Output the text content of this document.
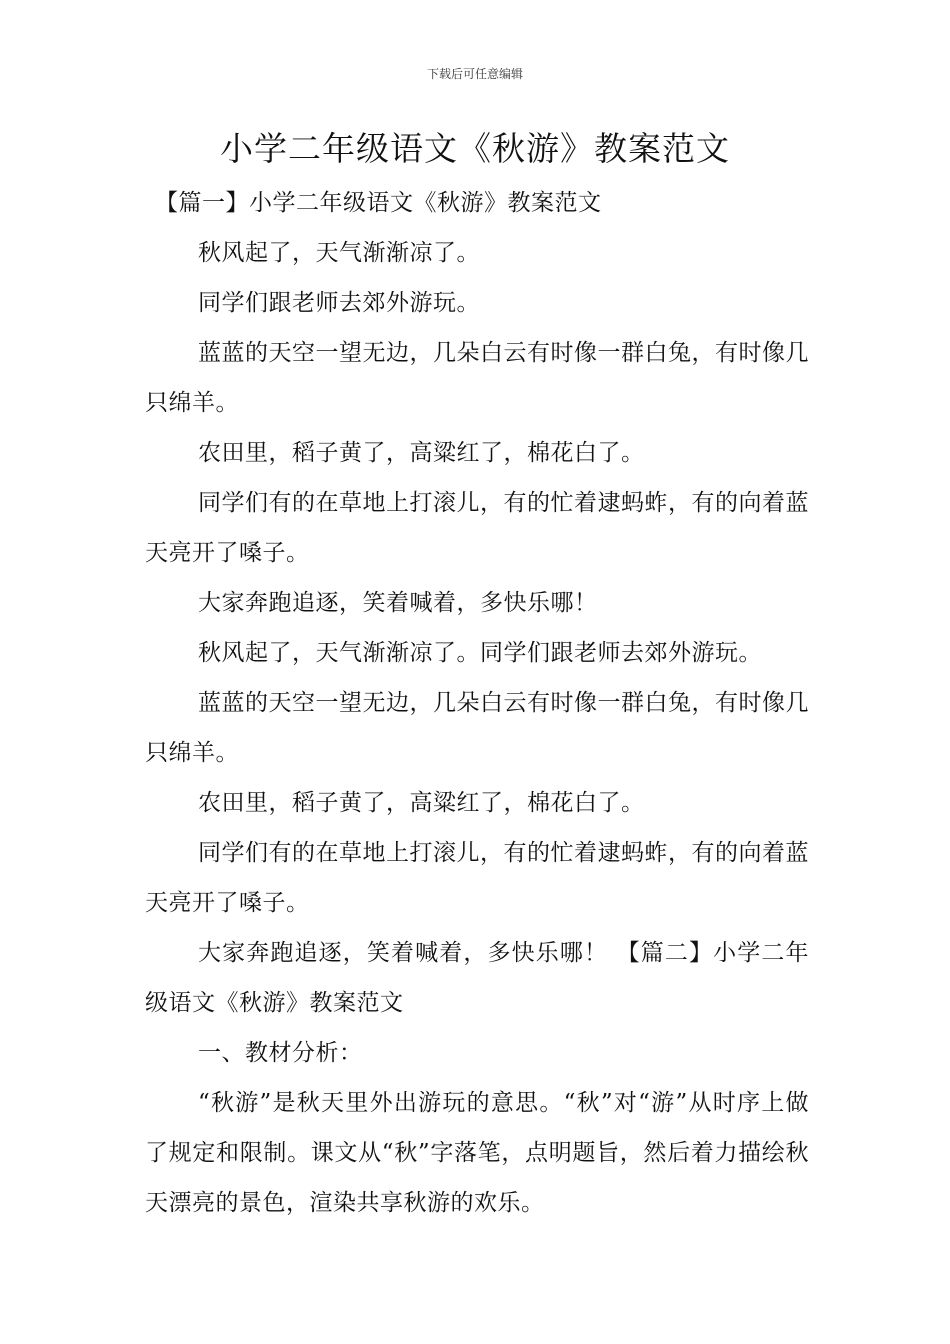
下载后可任意编辑
小学二年级语文《秋游》教案范文

【篇一】小学二年级语文《秋游》教案范文

秋风起了，天气渐渐凉了。

同学们跟老师去郊外游玩。

蓝蓝的天空一望无边，几朵白云有时像一群白兔，有时像几只绵羊。

农田里，稻子黄了，高粱红了，棉花白了。

同学们有的在草地上打滚儿，有的忙着逮蚂蚱，有的向着蓝天亮开了嗓子。

大家奔跑追逐，笑着喊着，多快乐哪！

秋风起了，天气渐渐凉了。同学们跟老师去郊外游玩。

蓝蓝的天空一望无边，几朵白云有时像一群白兔，有时像几只绵羊。

农田里，稻子黄了，高粱红了，棉花白了。

同学们有的在草地上打滚儿，有的忙着逮蚂蚱，有的向着蓝天亮开了嗓子。

大家奔跑追逐，笑着喊着，多快乐哪！ 【篇二】小学二年级语文《秋游》教案范文

一、教材分析：

“秋游”是秋天里外出游玩的意思。“秋”对“游”从时序上做了规定和限制。课文从“秋”字落笔，点明题旨，然后着力描绘秋天漂亮的景色，渲染共享秋游的欢乐。
